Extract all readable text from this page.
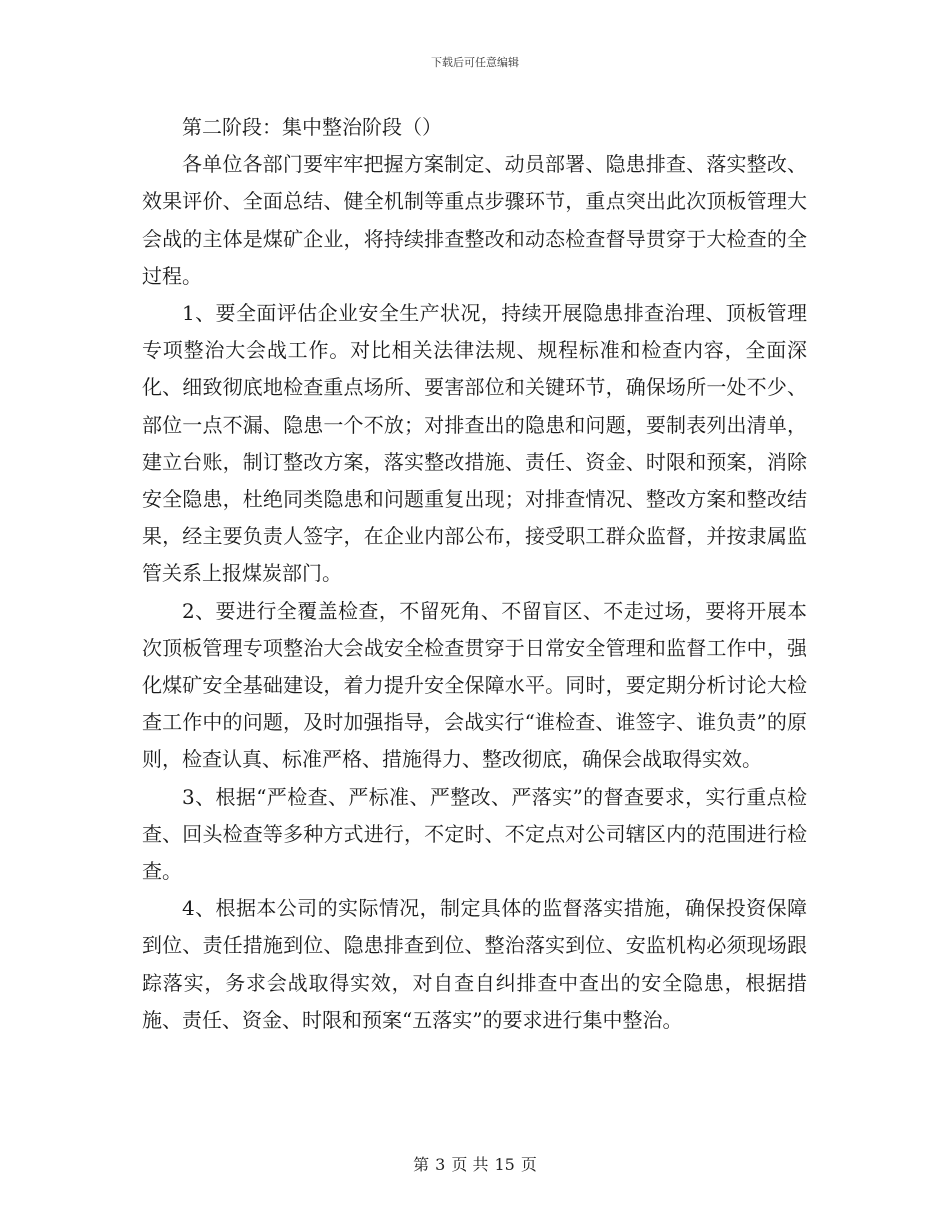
下载后可任意编辑

第二阶段：集中整治阶段（）

各单位各部门要牢牢把握方案制定、动员部署、隐患排查、落实整改、效果评价、全面总结、健全机制等重点步骤环节，重点突出此次顶板管理大会战的主体是煤矿企业，将持续排查整改和动态检查督导贯穿于大检查的全过程。

1、要全面评估企业安全生产状况，持续开展隐患排查治理、顶板管理专项整治大会战工作。对比相关法律法规、规程标准和检查内容，全面深化、细致彻底地检查重点场所、要害部位和关键环节，确保场所一处不少、部位一点不漏、隐患一个不放；对排查出的隐患和问题，要制表列出清单，建立台账，制订整改方案，落实整改措施、责任、资金、时限和预案，消除安全隐患，杜绝同类隐患和问题重复出现；对排查情况、整改方案和整改结果，经主要负责人签字，在企业内部公布，接受职工群众监督，并按隶属监管关系上报煤炭部门。

2、要进行全覆盖检查，不留死角、不留盲区、不走过场，要将开展本次顶板管理专项整治大会战安全检查贯穿于日常安全管理和监督工作中，强化煤矿安全基础建设，着力提升安全保障水平。同时，要定期分析讨论大检查工作中的问题，及时加强指导，会战实行“谁检查、谁签字、谁负责”的原则，检查认真、标准严格、措施得力、整改彻底，确保会战取得实效。

3、根据“严检查、严标准、严整改、严落实”的督查要求，实行重点检查、回头检查等多种方式进行，不定时、不定点对公司辖区内的范围进行检查。

4、根据本公司的实际情况，制定具体的监督落实措施，确保投资保障到位、责任措施到位、隐患排查到位、整治落实到位、安监机构必须现场跟踪落实，务求会战取得实效，对自查自纠排查中查出的安全隐患，根据措施、责任、资金、时限和预案“五落实”的要求进行集中整治。

第 3 页 共 15 页
